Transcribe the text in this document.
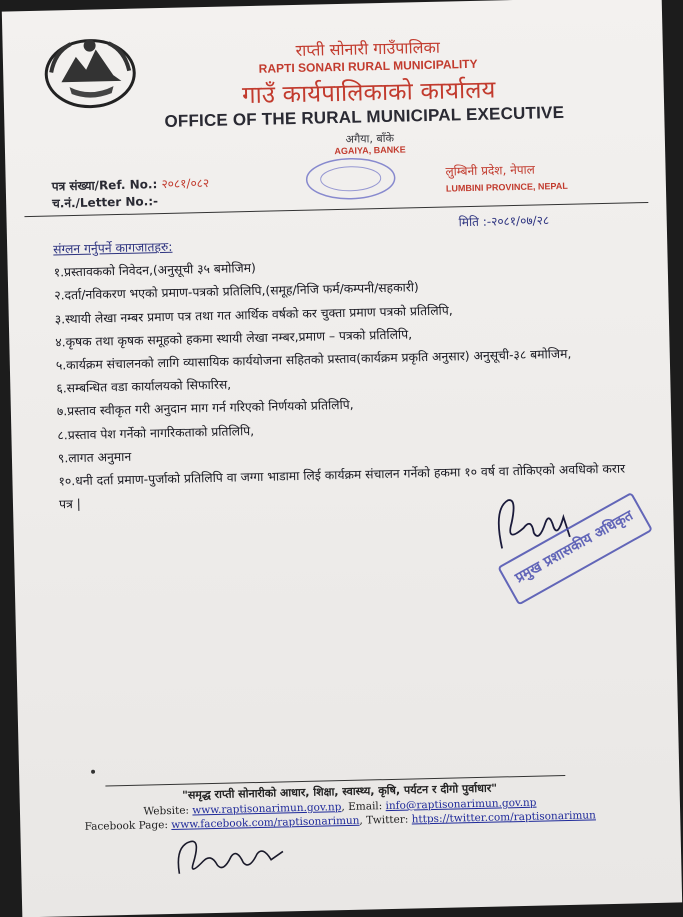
राप्ती सोनारी गाउँपालिका
RAPTI SONARI RURAL MUNICIPALITY
गाउँ कार्यपालिकाको कार्यालय
OFFICE OF THE RURAL MUNICIPAL EXECUTIVE
अगैया, बाँके
AGAIYA, BANKE
पत्र संख्या/Ref. No.: २०८१/०८२
च.नं./Letter No.:-
लुम्बिनी प्रदेश, नेपाल
LUMBINI PROVINCE, NEPAL
मिति :-२०८१/०७/२८
संग्लन गर्नुपर्ने कागजातहरु:
१.प्रस्तावकको निवेदन,(अनुसूची ३५ बमोजिम)
२.दर्ता/नविकरण भएको प्रमाण-पत्रको प्रतिलिपि,(समूह/निजि फर्म/कम्पनी/सहकारी)
३.स्थायी लेखा नम्बर प्रमाण पत्र तथा गत आर्थिक वर्षको कर चुक्ता प्रमाण पत्रको प्रतिलिपि,
४.कृषक तथा कृषक समूहको हकमा स्थायी लेखा नम्बर,प्रमाण – पत्रको प्रतिलिपि,
५.कार्यक्रम संचालनको लागि व्यासायिक कार्ययोजना सहितको प्रस्ताव(कार्यक्रम प्रकृति अनुसार) अनुसूची-३८ बमोजिम,
६.सम्बन्धित वडा कार्यालयको सिफारिस,
७.प्रस्ताव स्वीकृत गरी अनुदान माग गर्न गरिएको निर्णयको प्रतिलिपि,
८.प्रस्ताव पेश गर्नेको नागरिकताको प्रतिलिपि,
९.लागत अनुमान
१०.धनी दर्ता प्रमाण-पुर्जाको प्रतिलिपि वा जग्गा भाडामा लिई कार्यक्रम संचालन गर्नेको हकमा १० वर्ष वा तोकिएको अवधिको करार पत्र |
प्रमुख प्रशासकीय अधिकृत
"समृद्ध राप्ती सोनारीको आधार, शिक्षा, स्वास्थ्य, कृषि, पर्यटन र दीगो पुर्वाधार"
Website: www.raptisonarimun.gov.np, Email: info@raptisonarimun.gov.np
Facebook Page: www.facebook.com/raptisonarimun, Twitter: https://twitter.com/raptisonarimun
